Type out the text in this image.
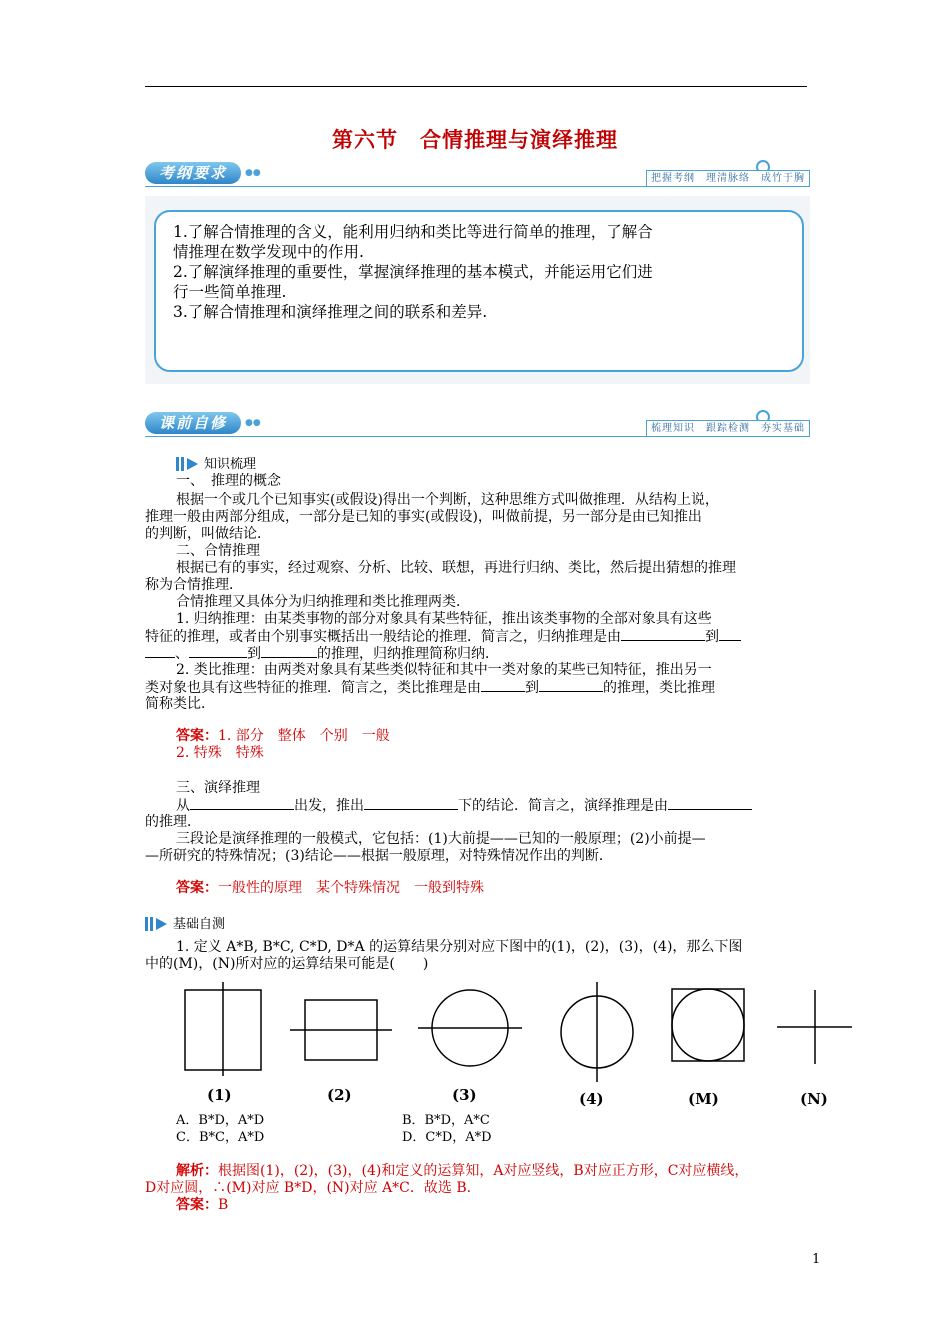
第六节　合情推理与演绎推理
考纲要求	●●	把握考纲　理清脉络　成竹于胸
1.了解合情推理的含义，能利用归纳和类比等进行简单的推理，了解合
情推理在数学发现中的作用.
2.了解演绎推理的重要性，掌握演绎推理的基本模式，并能运用它们进
行一些简单推理.
3.了解合情推理和演绎推理之间的联系和差异.
课前自修	●●	梳理知识　跟踪检测　夯实基础
知识梳理
一、　推理的概念
根据一个或几个已知事实(或假设)得出一个判断，这种思维方式叫做推理．从结构上说，
推理一般由两部分组成，一部分是已知的事实(或假设)，叫做前提，另一部分是由已知推出
的判断，叫做结论．
二、合情推理
根据已有的事实，经过观察、分析、比较、联想，再进行归纳、类比，然后提出猜想的推理
称为合情推理．
合情推理又具体分为归纳推理和类比推理两类．
1. 归纳推理：由某类事物的部分对象具有某些特征，推出该类事物的全部对象具有这些
特征的推理，或者由个别事实概括出一般结论的推理．简言之，归纳推理是由	到
、	到	的推理，归纳推理简称归纳．
2. 类比推理：由两类对象具有某些类似特征和其中一类对象的某些已知特征，推出另一
类对象也具有这些特征的推理．简言之，类比推理是由	到	的推理，类比推理
简称类比．
答案：1. 部分　整体　个别　一般
2. 特殊　特殊
三、演绎推理
从	出发，推出	下的结论．简言之，演绎推理是由
的推理．
三段论是演绎推理的一般模式，它包括：(1)大前提——已知的一般原理；(2)小前提—
—所研究的特殊情况；(3)结论——根据一般原理，对特殊情况作出的判断．
答案：一般性的原理　某个特殊情况　一般到特殊
基础自测
1. 定义 A*B, B*C, C*D, D*A 的运算结果分别对应下图中的(1)，(2)，(3)，(4)，那么下图
中的(M)，(N)所对应的运算结果可能是(　　)
(1)	(2)	(3)	(4)	(M)	(N)
A．B*D，A*D	B．B*D，A*C
C．B*C，A*D	D．C*D，A*D
解析：根据图(1)，(2)，(3)，(4)和定义的运算知，A对应竖线，B对应正方形，C对应横线，
D对应圆，∴(M)对应 B*D，(N)对应 A*C．故选 B.
答案：B
1
